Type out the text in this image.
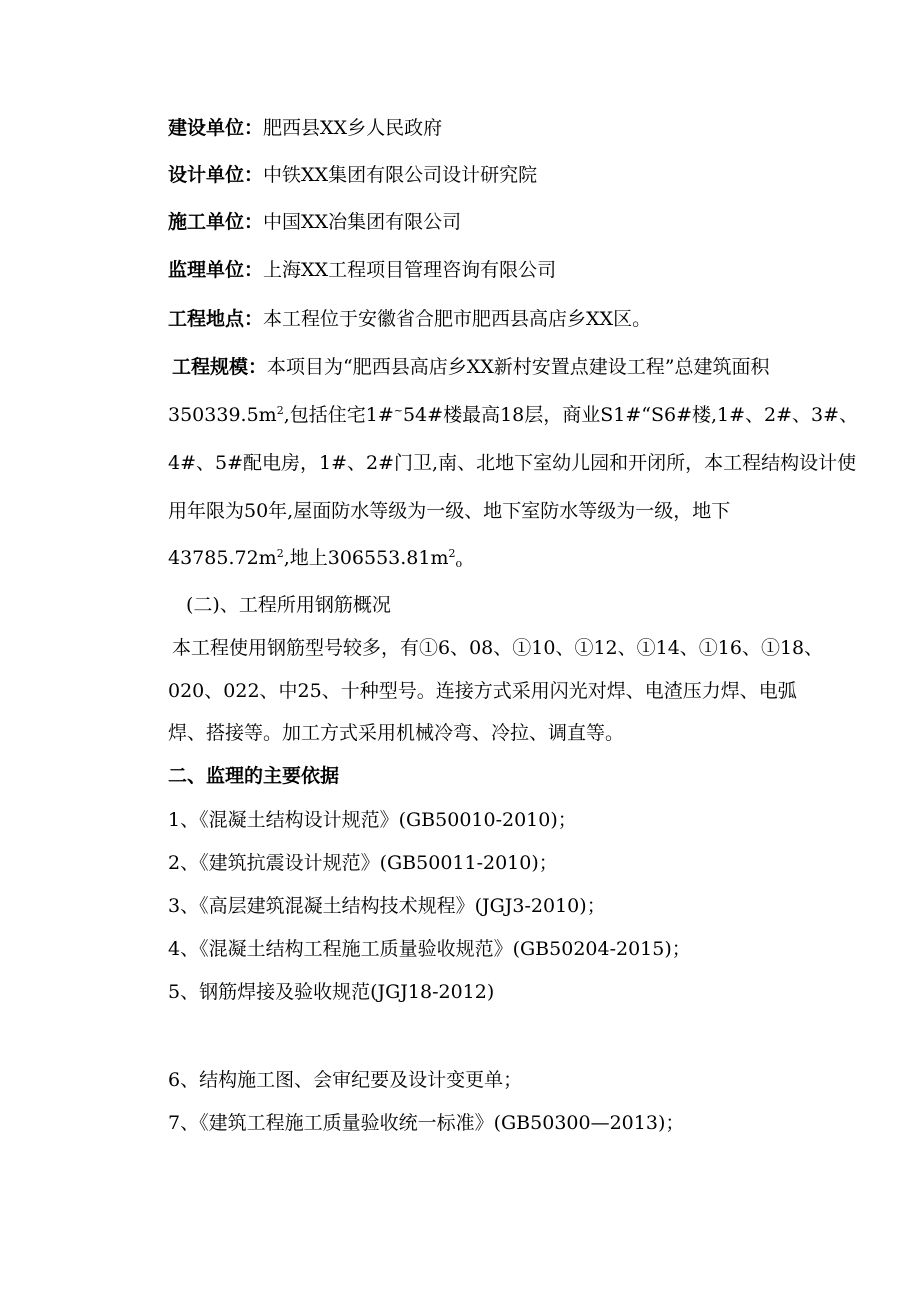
建设单位：肥西县XX乡人民政府
设计单位：中铁XX集团有限公司设计研究院
施工单位：中国XX冶集团有限公司
监理单位：上海XX工程项目管理咨询有限公司
工程地点：本工程位于安徽省合肥市肥西县高店乡XX区。
工程规模：本项目为“肥西县高店乡XX新村安置点建设工程”总建筑面积
$350339.5m^2$,包括住宅1#~54#楼最高18层，商业S1#“S6#楼,1#、2#、3#、
4#、5#配电房，1#、2#门卫,南、北地下室幼儿园和开闭所，本工程结构设计使
用年限为50年,屋面防水等级为一级、地下室防水等级为一级，地下
$43785.72m^2$,地上$306553.81m^2_o$
(二)、工程所用钢筋概况
本工程使用钢筋型号较多，有①6、08、①10、①12、①14、①16、①18、
020、022、中25、十种型号。连接方式采用闪光对焊、电渣压力焊、电弧
焊、搭接等。加工方式采用机械冷弯、冷拉、调直等。
二、监理的主要依据
1、《混凝土结构设计规范》(GB50010-2010)；
2、《建筑抗震设计规范》(GB50011-2010)；
3、《高层建筑混凝土结构技术规程》(JGJ3-2010)；
4、《混凝土结构工程施工质量验收规范》(GB50204-2015)；
5、钢筋焊接及验收规范(JGJ18-2012)
6、结构施工图、会审纪要及设计变更单；
7、《建筑工程施工质量验收统一标准》(GB50300—2013)；
